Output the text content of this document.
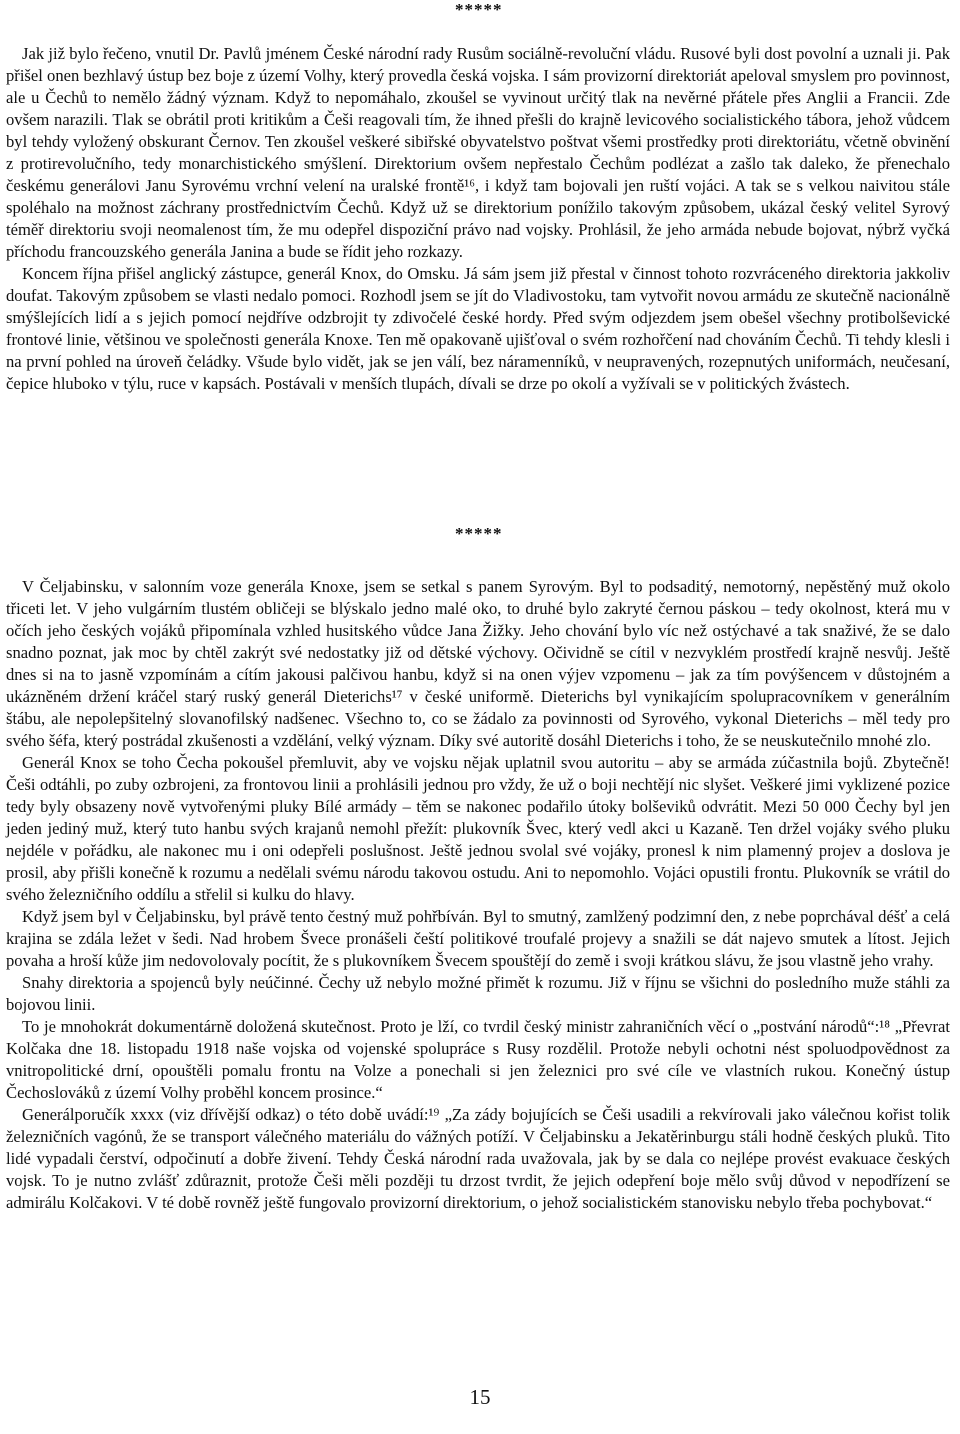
*****

Jak již bylo řečeno, vnutil Dr. Pavlů jménem České národní rady Rusům sociálně-revoluční vládu. Rusové byli dost povolní a uznali ji. Pak přišel onen bezhlavý ústup bez boje z území Volhy, který provedla česká vojska. I sám provizorní direktoriát apeloval smyslem pro povinnost, ale u Čechů to nemělo žádný význam. Když to nepomáhalo, zkoušel se vyvinout určitý tlak na nevěrné přátele přes Anglii a Francii. Zde ovšem narazili. Tlak se obrátil proti kritikům a Češi reagovali tím, že ihned přešli do krajně levicového socialistického tábora, jehož vůdcem byl tehdy vyložený obskurant Černov. Ten zkoušel veškeré sibiřské obyvatelstvo poštvat všemi prostředky proti direktoriátu, včetně obvinění z protirevolučního, tedy monarchistického smýšlení. Direktorium ovšem nepřestalo Čechům podlézat a zašlo tak daleko, že přenechalo českému generálovi Janu Syrovému vrchní velení na uralské frontě¹⁶, i když tam bojovali jen ruští vojáci. A tak se s velkou naivitou stále spoléhalo na možnost záchrany prostřednictvím Čechů. Když už se direktorium ponížilo takovým způsobem, ukázal český velitel Syrový téměř direktoriu svoji neomalenost tím, že mu odepřel dispoziční právo nad vojsky. Prohlásil, že jeho armáda nebude bojovat, nýbrž vyčká příchodu francouzského generála Janina a bude se řídit jeho rozkazy.

Koncem října přišel anglický zástupce, generál Knox, do Omsku. Já sám jsem již přestal v činnost tohoto rozvráceného direktoria jakkoliv doufat. Takovým způsobem se vlasti nedalo pomoci. Rozhodl jsem se jít do Vladivostoku, tam vytvořit novou armádu ze skutečně nacionálně smýšlejících lidí a s jejich pomocí nejdříve odzbrojit ty zdivočelé české hordy. Před svým odjezdem jsem obešel všechny protibolševické frontové linie, většinou ve společnosti generála Knoxe. Ten mě opakovaně ujišťoval o svém rozhořčení nad chováním Čechů. Ti tehdy klesli i na první pohled na úroveň čeládky. Všude bylo vidět, jak se jen válí, bez náramenníků, v neupravených, rozepnutých uniformách, neučesaní, čepice hluboko v týlu, ruce v kapsách. Postávali v menších tlupách, dívali se drze po okolí a vyžívali se v politických žvástech.

*****

V Čeljabinsku, v salonním voze generála Knoxe, jsem se setkal s panem Syrovým. Byl to podsaditý, nemotorný, nepěstěný muž okolo třiceti let. V jeho vulgárním tlustém obličeji se blýskalo jedno malé oko, to druhé bylo zakryté černou páskou – tedy okolnost, která mu v očích jeho českých vojáků připomínala vzhled husitského vůdce Jana Žižky. Jeho chování bylo víc než ostýchavé a tak snaživé, že se dalo snadno poznat, jak moc by chtěl zakrýt své nedostatky již od dětské výchovy. Očividně se cítil v nezvyklém prostředí krajně nesvůj. Ještě dnes si na to jasně vzpomínám a cítím jakousi palčivou hanbu, když si na onen výjev vzpomenu – jak za tím povýšencem v důstojném a ukázněném držení kráčel starý ruský generál Dieterichs¹⁷ v české uniformě. Dieterichs byl vynikajícím spolupracovníkem v generálním štábu, ale nepolepšitelný slovanofilský nadšenec. Všechno to, co se žádalo za povinnosti od Syrového, vykonal Dieterichs – měl tedy pro svého šéfa, který postrádal zkušenosti a vzdělání, velký význam. Díky své autoritě dosáhl Dieterichs i toho, že se neuskutečnilo mnohé zlo.

Generál Knox se toho Čecha pokoušel přemluvit, aby ve vojsku nějak uplatnil svou autoritu – aby se armáda zúčastnila bojů. Zbytečně! Češi odtáhli, po zuby ozbrojeni, za frontovou linii a prohlásili jednou pro vždy, že už o boji nechtějí nic slyšet. Veškeré jimi vyklizené pozice tedy byly obsazeny nově vytvořenými pluky Bílé armády – těm se nakonec podařilo útoky bolševiků odvrátit. Mezi 50 000 Čechy byl jen jeden jediný muž, který tuto hanbu svých krajanů nemohl přežít: plukovník Švec, který vedl akci u Kazaně. Ten držel vojáky svého pluku nejdéle v pořádku, ale nakonec mu i oni odepřeli poslušnost. Ještě jednou svolal své vojáky, pronesl k nim plamenný projev a doslova je prosil, aby přišli konečně k rozumu a nedělali svému národu takovou ostudu. Ani to nepomohlo. Vojáci opustili frontu. Plukovník se vrátil do svého železničního oddílu a střelil si kulku do hlavy.

Když jsem byl v Čeljabinsku, byl právě tento čestný muž pohřbíván. Byl to smutný, zamlžený podzimní den, z nebe poprchával déšť a celá krajina se zdála ležet v šedi. Nad hrobem Švece pronášeli čeští politikové troufalé projevy a snažili se dát najevo smutek a lítost. Jejich povaha a hroší kůže jim nedovolovaly pocítit, že s plukovníkem Švecem spouštějí do země i svoji krátkou slávu, že jsou vlastně jeho vrahy.

Snahy direktoria a spojenců byly neúčinné. Čechy už nebylo možné přimět k rozumu. Již v říjnu se všichni do posledního muže stáhli za bojovou linii.

To je mnohokrát dokumentárně doložená skutečnost. Proto je lží, co tvrdil český ministr zahraničních věcí o „postvání národů“:¹⁸ „Převrat Kolčaka dne 18. listopadu 1918 naše vojska od vojenské spolupráce s Rusy rozdělil. Protože nebyli ochotni nést spoluodpovědnost za vnitropolitické drní, opouštěli pomalu frontu na Volze a ponechali si jen železnici pro své cíle ve vlastních rukou. Konečný ústup Čechoslováků z území Volhy proběhl koncem prosince.“

Generálporučík xxxx (viz dřívější odkaz) o této době uvádí:¹⁹ „Za zády bojujících se Češi usadili a rekvírovali jako válečnou kořist tolik železničních vagónů, že se transport válečného materiálu do vážných potíží. V Čeljabinsku a Jekatěrinburgu stáli hodně českých pluků. Tito lidé vypadali čerství, odpočinutí a dobře živení. Tehdy Česká národní rada uvažovala, jak by se dala co nejlépe provést evakuace českých vojsk. To je nutno zvlášť zdůraznit, protože Češi měli později tu drzost tvrdit, že jejich odepření boje mělo svůj důvod v nepodřízení se admirálu Kolčakovi. V té době rovněž ještě fungovalo provizorní direktorium, o jehož socialistickém stanovisku nebylo třeba pochybovat.“

15
